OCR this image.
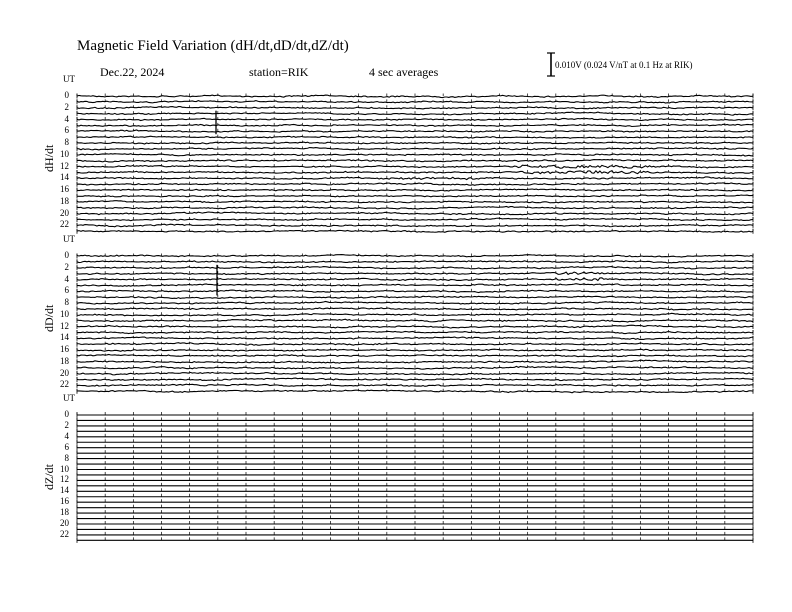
Magnetic Field Variation (dH/dt,dD/dt,dZ/dt)
Dec.22, 2024	station=RIK	4 sec averages	0.010V (0.024 V/nT at 0.1 Hz at RIK)
UT
UT
UT
dH/dt
dD/dt
dZ/dt
0
2
4
6
8
10
12
14
16
18
20
22
0
2
4
6
8
10
12
14
16
18
20
22
0
2
4
6
8
10
12
14
16
18
20
22
